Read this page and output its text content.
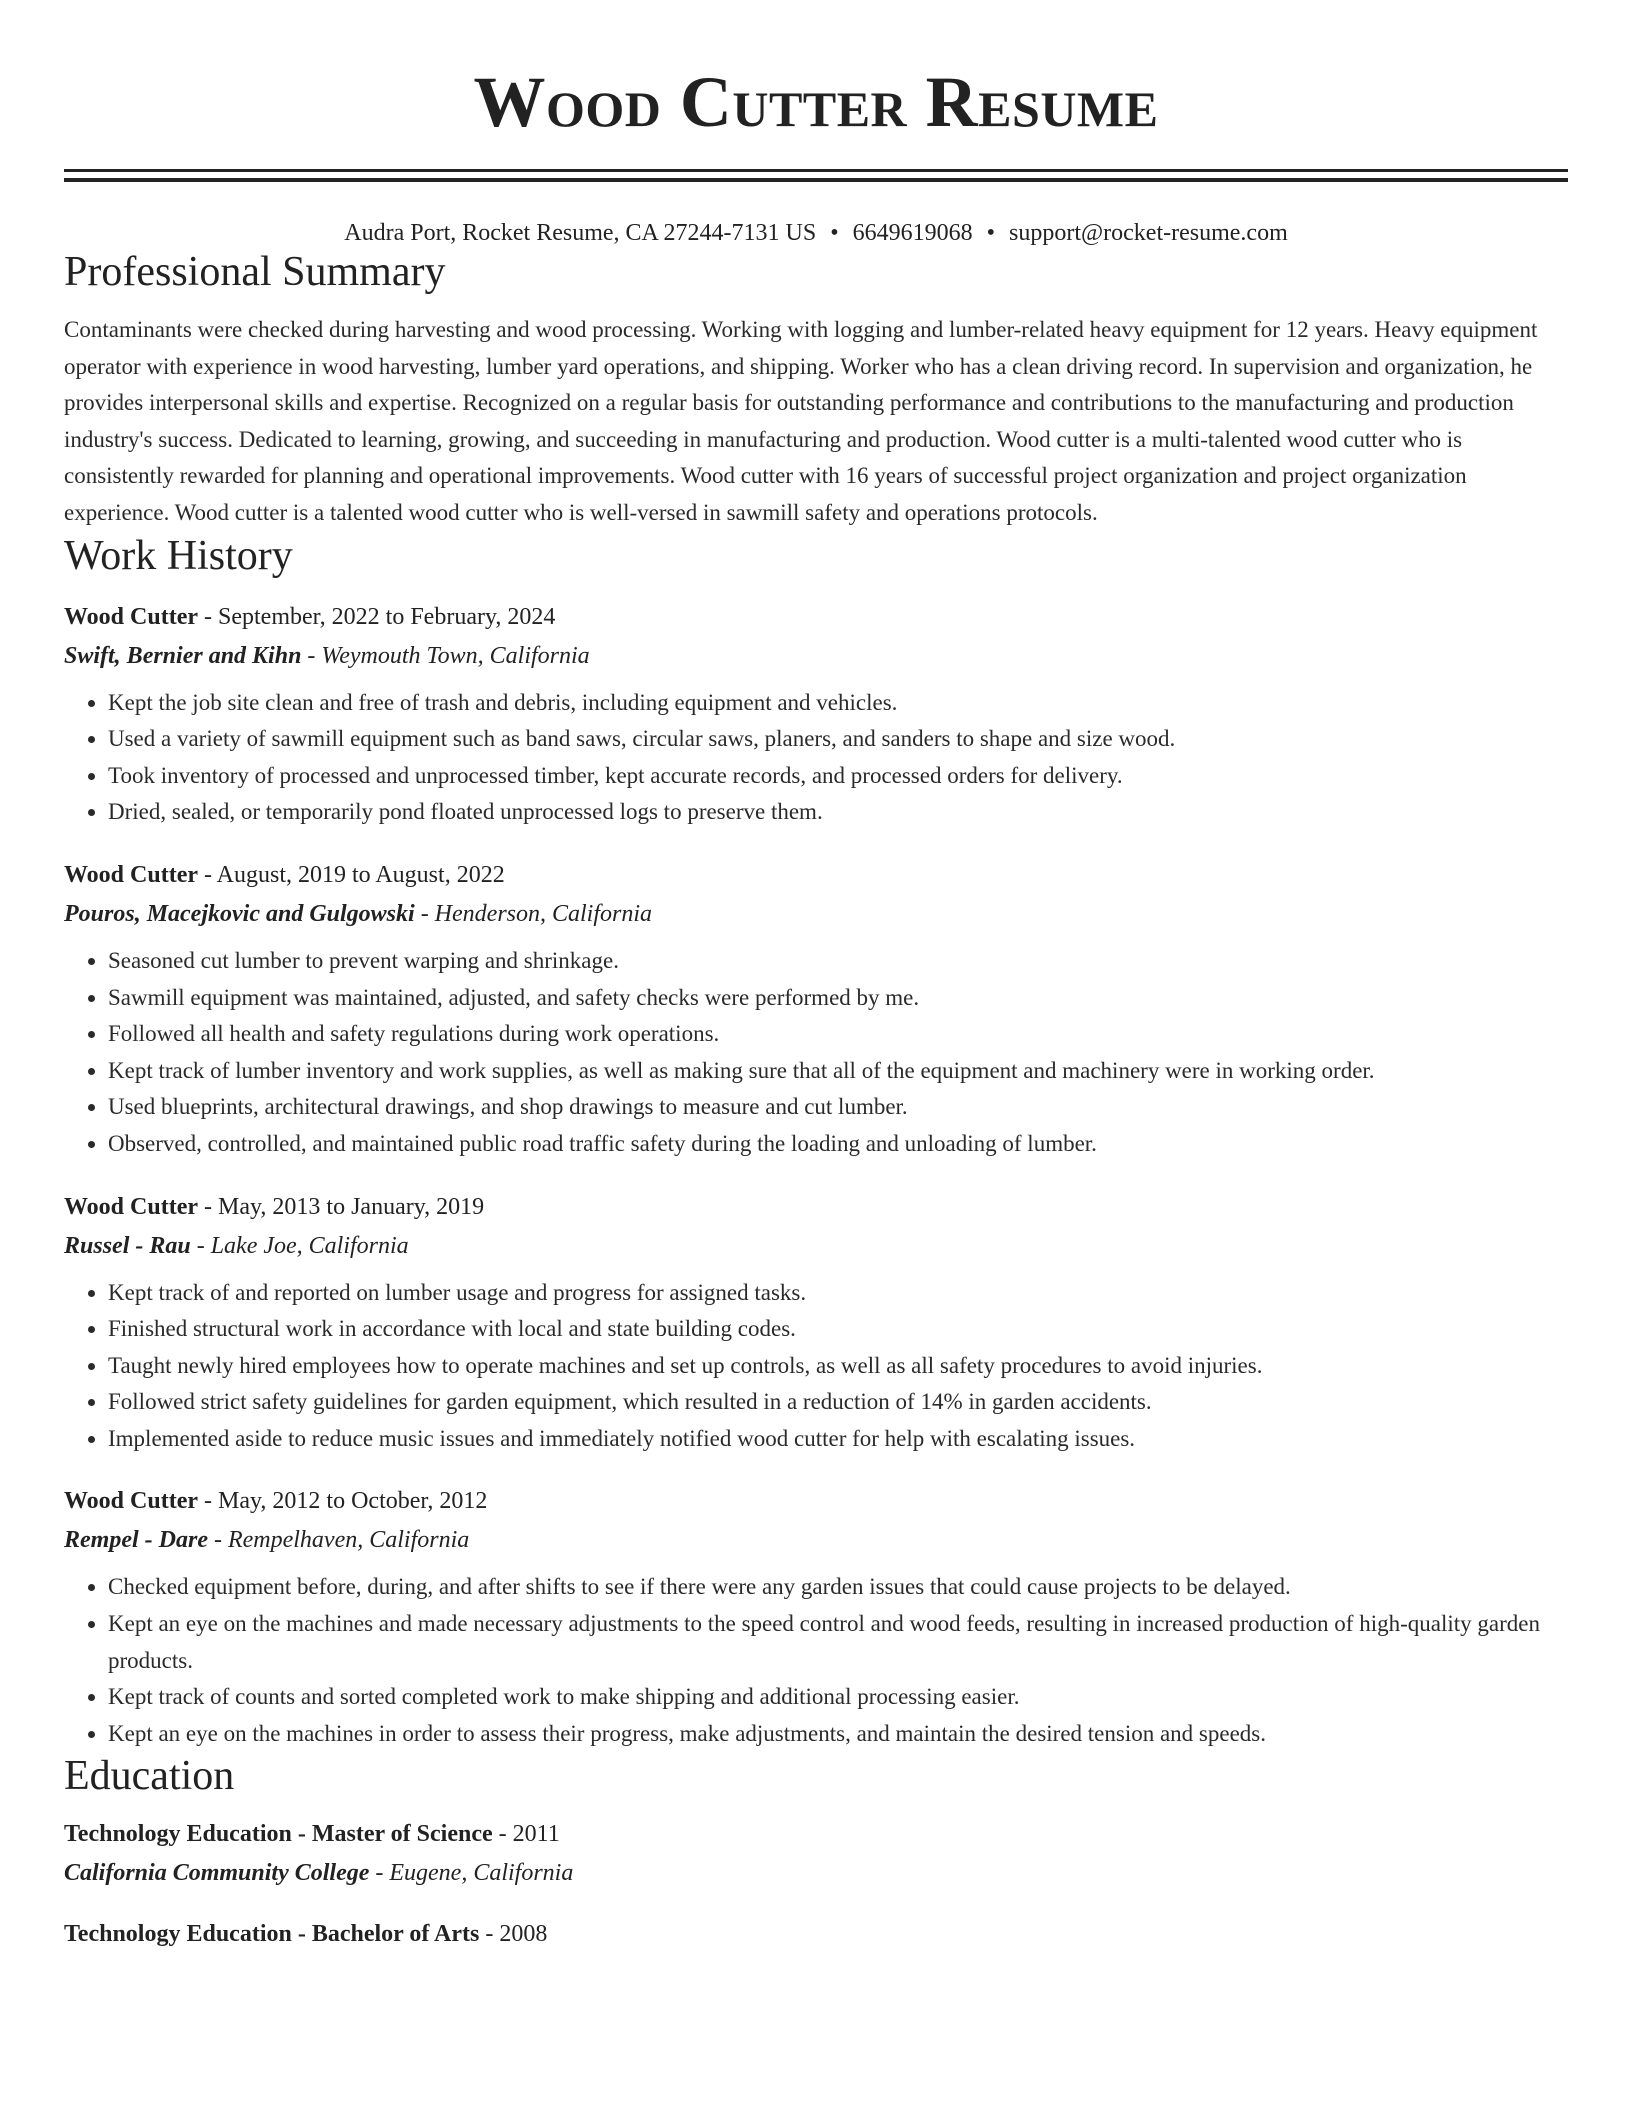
Wood Cutter Resume
Audra Port, Rocket Resume, CA 27244-7131 US • 6649619068 • support@rocket-resume.com
Professional Summary
Contaminants were checked during harvesting and wood processing. Working with logging and lumber-related heavy equipment for 12 years. Heavy equipment operator with experience in wood harvesting, lumber yard operations, and shipping. Worker who has a clean driving record. In supervision and organization, he provides interpersonal skills and expertise. Recognized on a regular basis for outstanding performance and contributions to the manufacturing and production industry's success. Dedicated to learning, growing, and succeeding in manufacturing and production. Wood cutter is a multi-talented wood cutter who is consistently rewarded for planning and operational improvements. Wood cutter with 16 years of successful project organization and project organization experience. Wood cutter is a talented wood cutter who is well-versed in sawmill safety and operations protocols.
Work History
Wood Cutter - September, 2022 to February, 2024
Swift, Bernier and Kihn - Weymouth Town, California
• Kept the job site clean and free of trash and debris, including equipment and vehicles.
• Used a variety of sawmill equipment such as band saws, circular saws, planers, and sanders to shape and size wood.
• Took inventory of processed and unprocessed timber, kept accurate records, and processed orders for delivery.
• Dried, sealed, or temporarily pond floated unprocessed logs to preserve them.
Wood Cutter - August, 2019 to August, 2022
Pouros, Macejkovic and Gulgowski - Henderson, California
• Seasoned cut lumber to prevent warping and shrinkage.
• Sawmill equipment was maintained, adjusted, and safety checks were performed by me.
• Followed all health and safety regulations during work operations.
• Kept track of lumber inventory and work supplies, as well as making sure that all of the equipment and machinery were in working order.
• Used blueprints, architectural drawings, and shop drawings to measure and cut lumber.
• Observed, controlled, and maintained public road traffic safety during the loading and unloading of lumber.
Wood Cutter - May, 2013 to January, 2019
Russel - Rau - Lake Joe, California
• Kept track of and reported on lumber usage and progress for assigned tasks.
• Finished structural work in accordance with local and state building codes.
• Taught newly hired employees how to operate machines and set up controls, as well as all safety procedures to avoid injuries.
• Followed strict safety guidelines for garden equipment, which resulted in a reduction of 14% in garden accidents.
• Implemented aside to reduce music issues and immediately notified wood cutter for help with escalating issues.
Wood Cutter - May, 2012 to October, 2012
Rempel - Dare - Rempelhaven, California
• Checked equipment before, during, and after shifts to see if there were any garden issues that could cause projects to be delayed.
• Kept an eye on the machines and made necessary adjustments to the speed control and wood feeds, resulting in increased production of high-quality garden products.
• Kept track of counts and sorted completed work to make shipping and additional processing easier.
• Kept an eye on the machines in order to assess their progress, make adjustments, and maintain the desired tension and speeds.
Education
Technology Education - Master of Science - 2011
California Community College - Eugene, California
Technology Education - Bachelor of Arts - 2008
